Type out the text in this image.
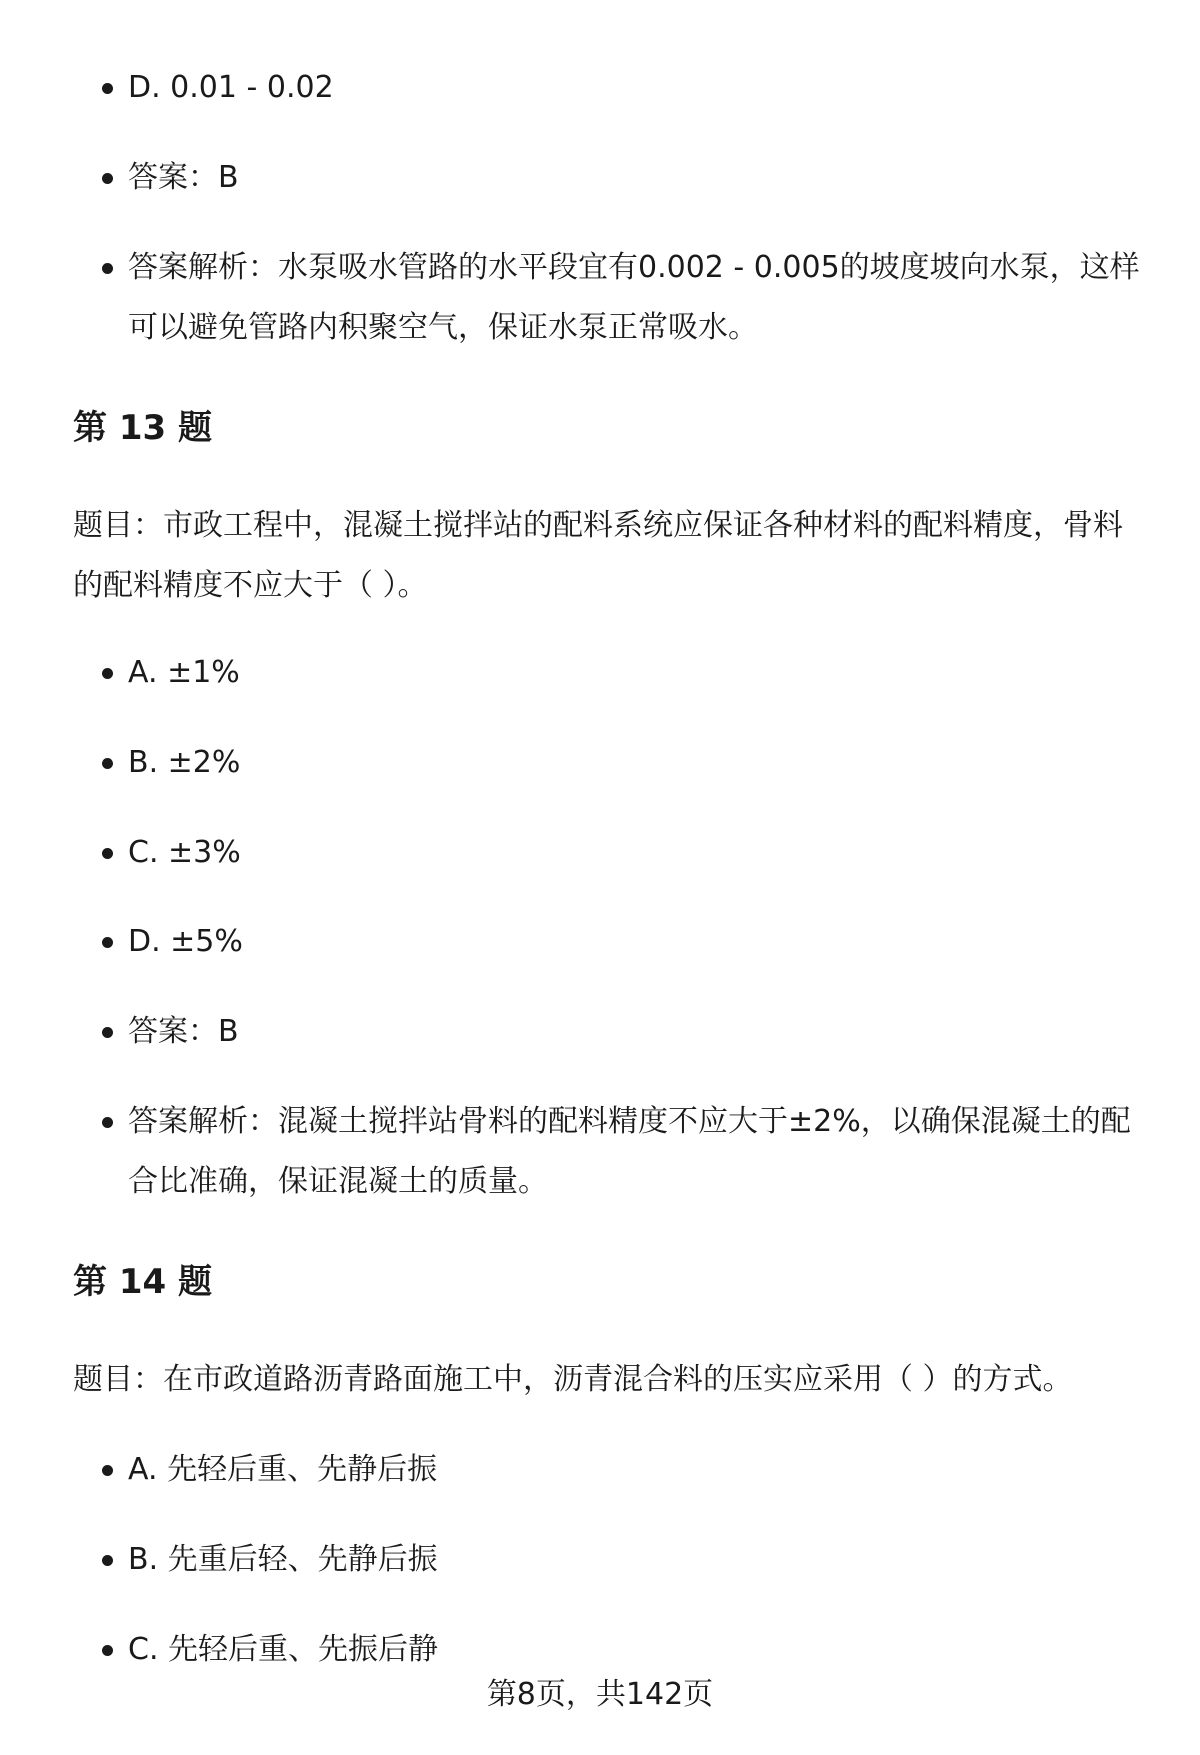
D. 0.01 - 0.02
答案：B
答案解析：水泵吸水管路的水平段宜有0.002 - 0.005的坡度坡向水泵，这样可以避免管路内积聚空气，保证水泵正常吸水。
第 13 题

题目：市政工程中，混凝土搅拌站的配料系统应保证各种材料的配料精度，骨料的配料精度不应大于（ ）。

A. ±1%
B. ±2%
C. ±3%
D. ±5%
答案：B
答案解析：混凝土搅拌站骨料的配料精度不应大于±2%，以确保混凝土的配合比准确，保证混凝土的质量。
第 14 题

题目：在市政道路沥青路面施工中，沥青混合料的压实应采用（ ）的方式。

A. 先轻后重、先静后振
B. 先重后轻、先静后振
C. 先轻后重、先振后静
第8页，共142页
